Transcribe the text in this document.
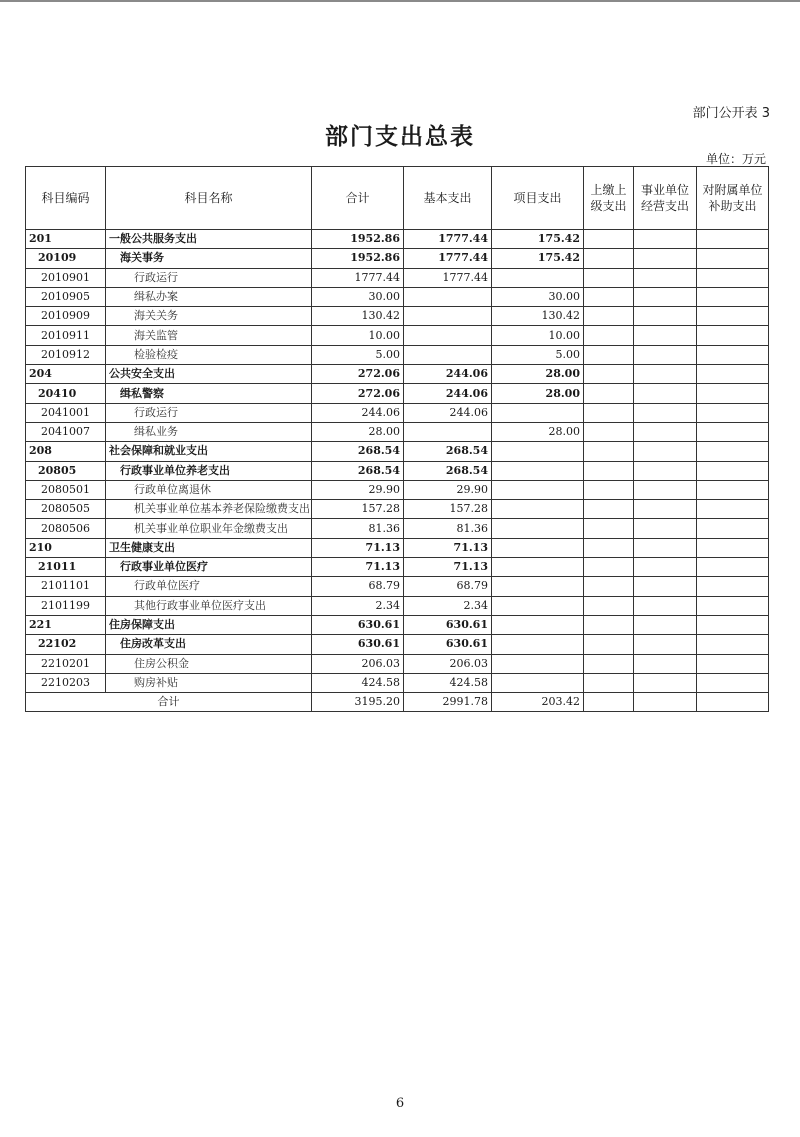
部门公开表 3
部门支出总表
单位：万元
科目编码	科目名称	合计	基本支出	项目支出	上缴上级支出	事业单位经营支出	对附属单位补助支出
201	一般公共服务支出	1952.86	1777.44	175.42			
20109	海关事务	1952.86	1777.44	175.42			
2010901	行政运行	1777.44	1777.44				
2010905	缉私办案	30.00		30.00			
2010909	海关关务	130.42		130.42			
2010911	海关监管	10.00		10.00			
2010912	检验检疫	5.00		5.00			
204	公共安全支出	272.06	244.06	28.00			
20410	缉私警察	272.06	244.06	28.00			
2041001	行政运行	244.06	244.06				
2041007	缉私业务	28.00		28.00			
208	社会保障和就业支出	268.54	268.54				
20805	行政事业单位养老支出	268.54	268.54				
2080501	行政单位离退休	29.90	29.90				
2080505	机关事业单位基本养老保险缴费支出	157.28	157.28				
2080506	机关事业单位职业年金缴费支出	81.36	81.36				
210	卫生健康支出	71.13	71.13				
21011	行政事业单位医疗	71.13	71.13				
2101101	行政单位医疗	68.79	68.79				
2101199	其他行政事业单位医疗支出	2.34	2.34				
221	住房保障支出	630.61	630.61				
22102	住房改革支出	630.61	630.61				
2210201	住房公积金	206.03	206.03				
2210203	购房补贴	424.58	424.58				
合计		3195.20	2991.78	203.42			
6
